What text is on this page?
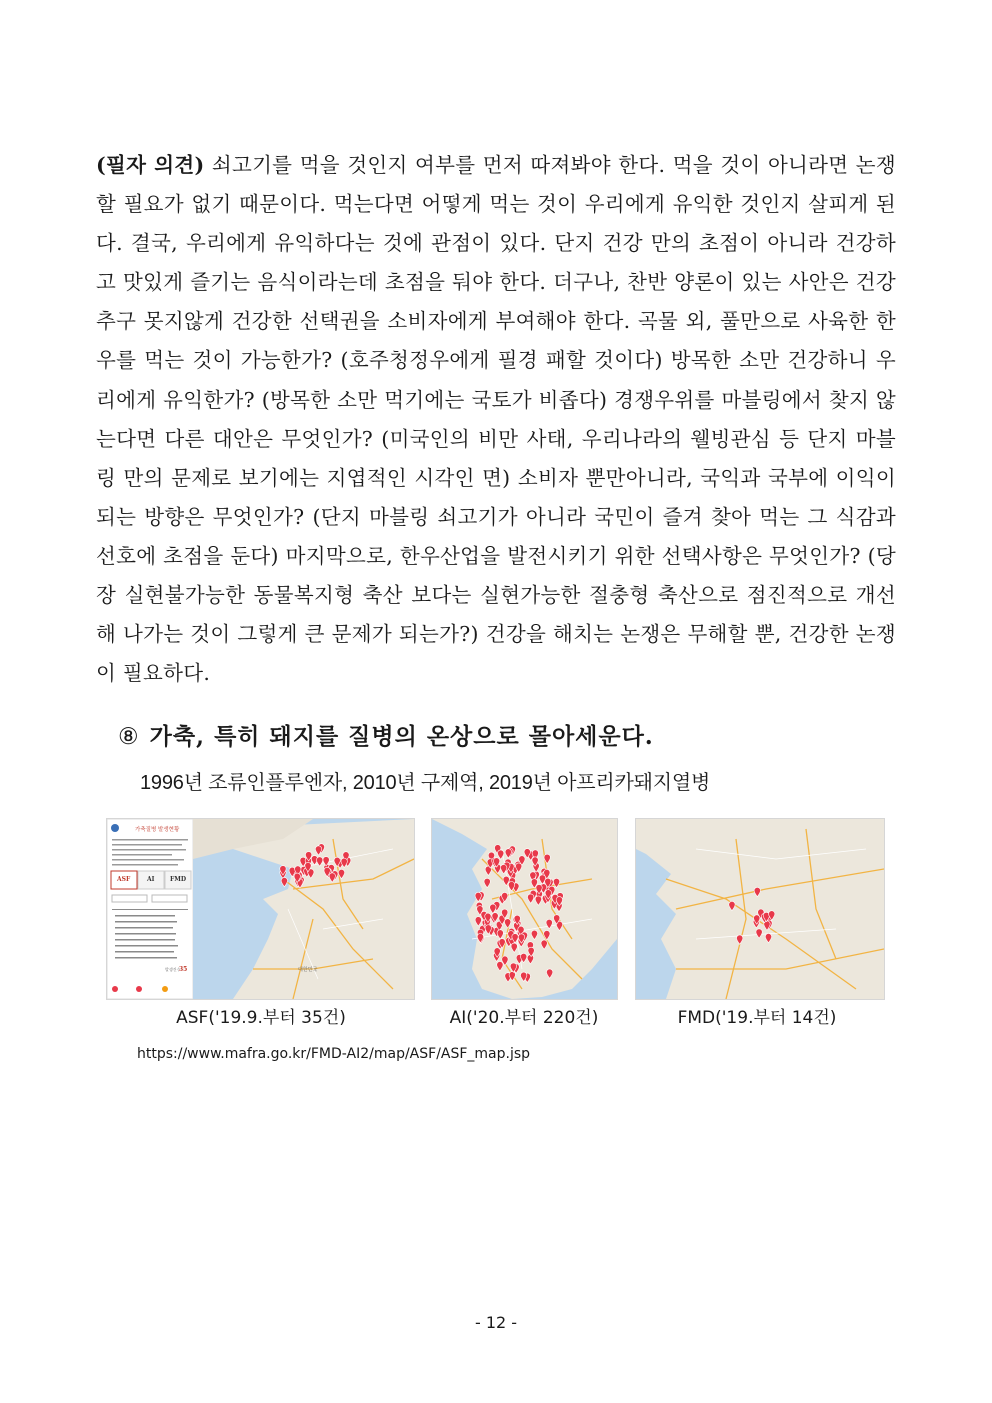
(필자 의견) 쇠고기를 먹을 것인지 여부를 먼저 따져봐야 한다. 먹을 것이 아니라면 논쟁할 필요가 없기 때문이다. 먹는다면 어떻게 먹는 것이 우리에게 유익한 것인지 살피게 된다. 결국, 우리에게 유익하다는 것에 관점이 있다. 단지 건강 만의 초점이 아니라 건강하고 맛있게 즐기는 음식이라는데 초점을 둬야 한다. 더구나, 찬반 양론이 있는 사안은 건강추구 못지않게 건강한 선택권을 소비자에게 부여해야 한다. 곡물 외, 풀만으로 사육한 한우를 먹는 것이 가능한가? (호주청정우에게 필경 패할 것이다) 방목한 소만 건강하니 우리에게 유익한가? (방목한 소만 먹기에는 국토가 비좁다) 경쟁우위를 마블링에서 찾지 않는다면 다른 대안은 무엇인가? (미국인의 비만 사태, 우리나라의 웰빙관심 등 단지 마블링 만의 문제로 보기에는 지엽적인 시각인 면) 소비자 뿐만아니라, 국익과 국부에 이익이 되는 방향은 무엇인가? (단지 마블링 쇠고기가 아니라 국민이 즐겨 찾아 먹는 그 식감과 선호에 초점을 둔다) 마지막으로, 한우산업을 발전시키기 위한 선택사항은 무엇인가? (당장 실현불가능한 동물복지형 축산 보다는 실현가능한 절충형 축산으로 점진적으로 개선해 나가는 것이 그렇게 큰 문제가 되는가?) 건강을 해치는 논쟁은 무해할 뿐, 건강한 논쟁이 필요하다.
⑧ 가축, 특히 돼지를 질병의 온상으로 몰아세운다.
1996년 조류인플루엔자, 2010년 구제역, 2019년 아프리카돼지열병
가축질병 발생현황
ASF	AI	FMD
발생건수
35	대한민국
ASF('19.9.부터 35건)	AI('20.부터 220건)	FMD('19.부터 14건)
https://www.mafra.go.kr/FMD-AI2/map/ASF/ASF_map.jsp
- 12 -
